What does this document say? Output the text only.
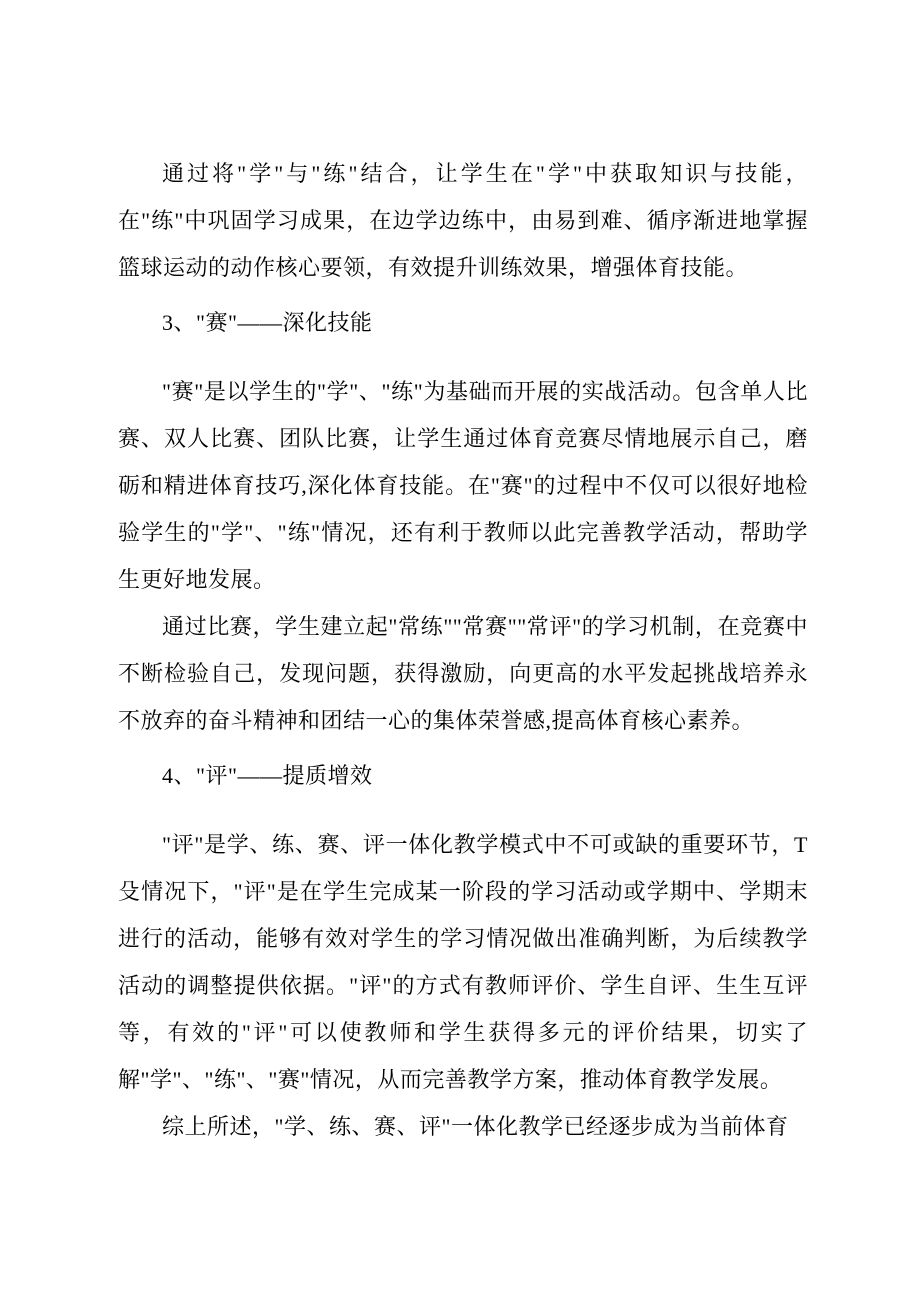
通过将"学"与"练"结合，让学生在"学"中获取知识与技能，在"练"中巩固学习成果，在边学边练中，由易到难、循序渐进地掌握篮球运动的动作核心要领，有效提升训练效果，增强体育技能。

3、"赛"——深化技能

"赛"是以学生的"学"、"练"为基础而开展的实战活动。包含单人比赛、双人比赛、团队比赛，让学生通过体育竞赛尽情地展示自己，磨砺和精进体育技巧,深化体育技能。在"赛"的过程中不仅可以很好地检验学生的"学"、"练"情况，还有利于教师以此完善教学活动，帮助学生更好地发展。

通过比赛，学生建立起"常练""常赛""常评"的学习机制，在竞赛中不断检验自己，发现问题，获得激励，向更高的水平发起挑战培养永不放弃的奋斗精神和团结一心的集体荣誉感,提高体育核心素养。

4、"评"——提质增效

"评"是学、练、赛、评一体化教学模式中不可或缺的重要环节，T 殳情况下，"评"是在学生完成某一阶段的学习活动或学期中、学期末进行的活动，能够有效对学生的学习情况做出准确判断，为后续教学活动的调整提供依据。"评"的方式有教师评价、学生自评、生生互评等，有效的"评"可以使教师和学生获得多元的评价结果，切实了解"学"、"练"、"赛"情况，从而完善教学方案，推动体育教学发展。

综上所述，"学、练、赛、评"一体化教学已经逐步成为当前体育
